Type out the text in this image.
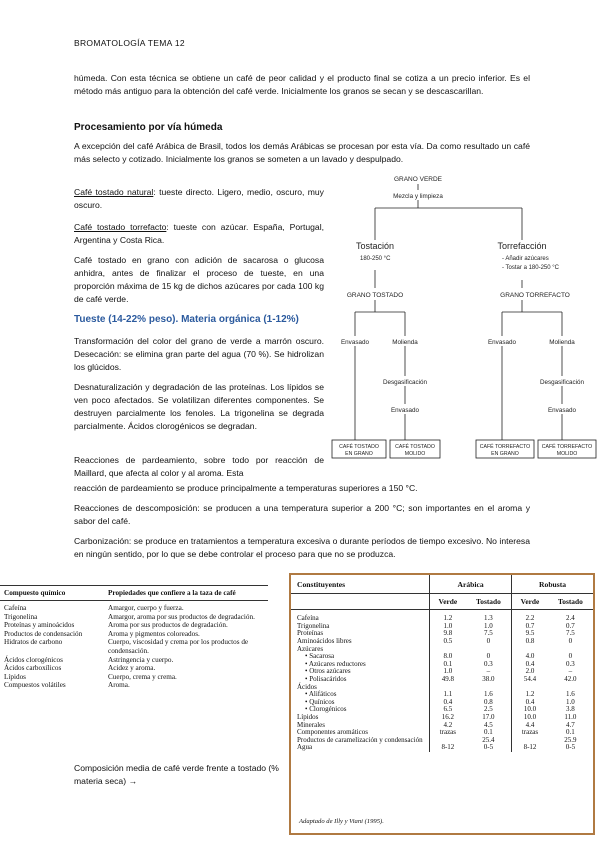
BROMATOLOGÍA TEMA 12
húmeda. Con esta técnica se obtiene un café de peor calidad y el producto final se cotiza a un precio inferior. Es el método más antiguo para la obtención del café verde. Inicialmente los granos se secan y se descascarillan.
Procesamiento por vía húmeda
A excepción del café Arábica de Brasil, todos los demás Arábicas se procesan por esta vía. Da como resultado un café más selecto y cotizado. Inicialmente los granos se someten a un lavado y despulpado.
Café tostado natural: tueste directo. Ligero, medio, oscuro, muy oscuro.
Café tostado torrefacto: tueste con azúcar. España, Portugal, Argentina y Costa Rica.
Café tostado en grano con adición de sacarosa o glucosa anhidra, antes de finalizar el proceso de tueste, en una proporción máxima de 15 kg de dichos azúcares por cada 100 kg de café verde.
Tueste (14-22% peso). Materia orgánica (1-12%)
Transformación del color del grano de verde a marrón oscuro. Desecación: se elimina gran parte del agua (70 %). Se hidrolizan los glúcidos.
Desnaturalización y degradación de las proteínas. Los lípidos se ven poco afectados. Se volatilizan diferentes componentes. Se destruyen parcialmente los fenoles. La trigonelina se degrada parcialmente. Ácidos clorogénicos se degradan.
Reacciones de pardeamiento, sobre todo por reacción de Maillard, que afecta al color y al aroma. Esta
reacción de pardeamiento se produce principalmente a temperaturas superiores a 150 °C.
Reacciones de descomposición: se producen a una temperatura superior a 200 °C; son importantes en el aroma y sabor del café.
Carbonización: se produce en tratamientos a temperatura excesiva o durante períodos de tiempo excesivo. No interesa en ningún sentido, por lo que se debe controlar el proceso para que no se produzca.
GRANO VERDE
Mezcla y limpieza
Tostación
180-250 °C
Torrefacción
- Añadir azúcares
- Tostar a 180-250 °C
GRANO TOSTADO	GRANO TORREFACTO
Envasado	Molienda	Envasado	Molienda
Desgasificación	Desgasificación
Envasado	Envasado
CAFÉ TOSTADO
EN GRANO
CAFÉ TOSTADO
MOLIDO
CAFÉ TORREFACTO
EN GRANO
CAFÉ TORREFACTO
MOLIDO
Compuesto químico	Propiedades que confiere a la taza de café
Cafeína	Amargor, cuerpo y fuerza.
Trigonelina	Amargor, aroma por sus productos de degradación.
Proteínas y aminoácidos	Aroma por sus productos de degradación.
Productos de condensación	Aroma y pigmentos coloreados.
Hidratos de carbono	Cuerpo, viscosidad y crema por los productos de condensación.
Ácidos clorogénicos	Astringencia y cuerpo.
Ácidos carboxílicos	Acidez y aroma.
Lípidos	Cuerpo, crema y crema.
Compuestos volátiles	Aroma.
Composición media de café verde frente a tostado (% materia seca) →
Constituyentes	Arábica		Robusta	
	Verde	Tostado	Verde	Tostado
Cafeína	1.2	1.3	2.2	2.4
Trigonelina	1.0	1.0	0.7	0.7
Proteínas	9.8	7.5	9.5	7.5
Aminoácidos libres	0.5	0	0.8	0
Azúcares				
• Sacarosa	8.0	0	4.0	0
• Azúcares reductores	0.1	0.3	0.4	0.3
• Otros azúcares	1.0	–	2.0	–
• Polisacáridos	49.8	38.0	54.4	42.0
Ácidos				
• Alifáticos	1.1	1.6	1.2	1.6
• Quínicos	0.4	0.8	0.4	1.0
• Clorogénicos	6.5	2.5	10.0	3.8
Lípidos	16.2	17.0	10.0	11.0
Minerales	4.2	4.5	4.4	4.7
Componentes aromáticos	trazas	0.1	trazas	0.1
Productos de caramelización y condensación		25.4		25.9
Agua	8-12	0-5	8-12	0-5
Adaptado de Illy y Viani (1995).
